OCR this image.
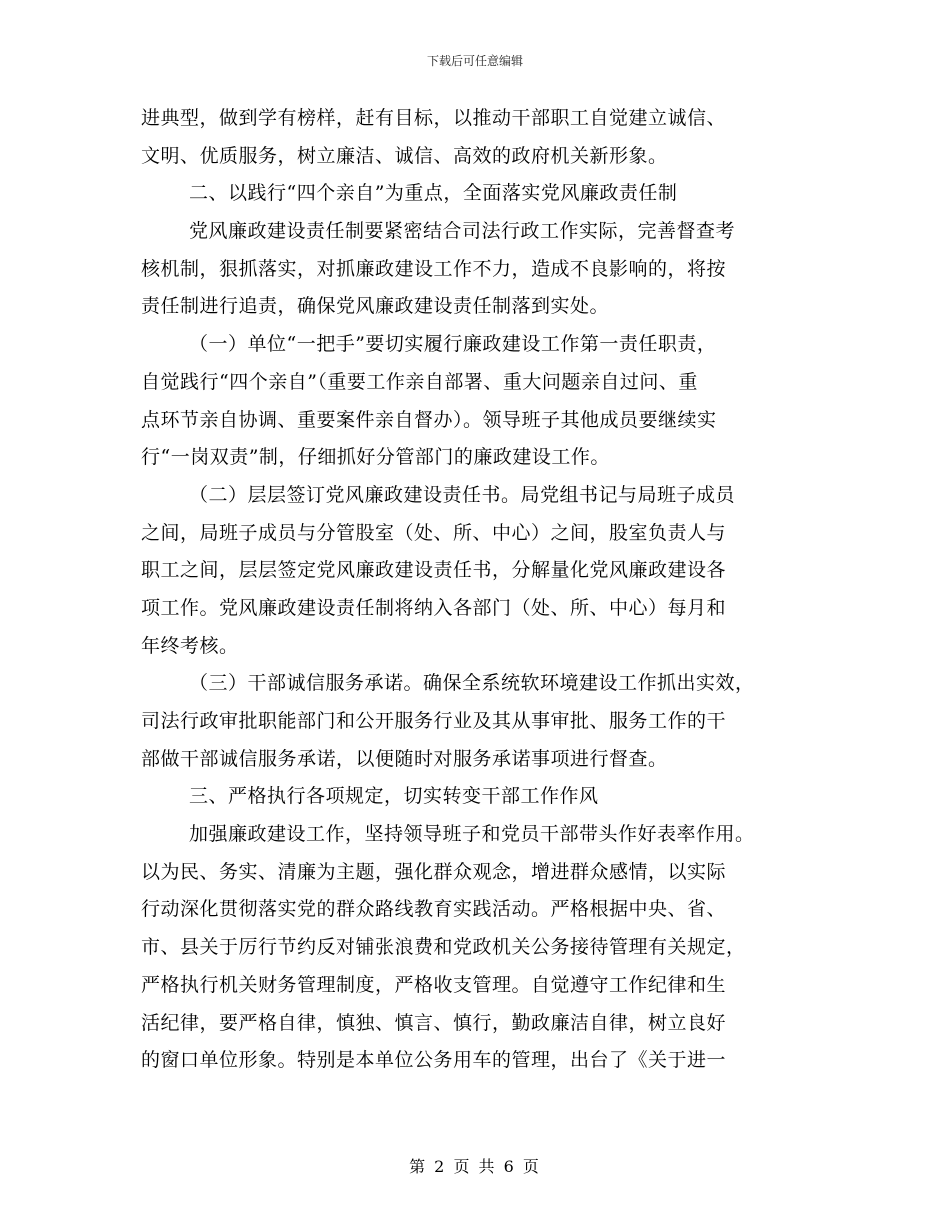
下载后可任意编辑
进典型，做到学有榜样，赶有目标，以推动干部职工自觉建立诚信、
文明、优质服务，树立廉洁、诚信、高效的政府机关新形象。
二、以践行“四个亲自”为重点，全面落实党风廉政责任制
党风廉政建设责任制要紧密结合司法行政工作实际，完善督查考
核机制，狠抓落实，对抓廉政建设工作不力，造成不良影响的，将按
责任制进行追责，确保党风廉政建设责任制落到实处。
（一）单位“一把手”要切实履行廉政建设工作第一责任职责，
自觉践行“四个亲自”（重要工作亲自部署、重大问题亲自过问、重
点环节亲自协调、重要案件亲自督办）。领导班子其他成员要继续实
行“一岗双责”制，仔细抓好分管部门的廉政建设工作。
（二）层层签订党风廉政建设责任书。局党组书记与局班子成员
之间，局班子成员与分管股室（处、所、中心）之间，股室负责人与
职工之间，层层签定党风廉政建设责任书，分解量化党风廉政建设各
项工作。党风廉政建设责任制将纳入各部门（处、所、中心）每月和
年终考核。
（三）干部诚信服务承诺。确保全系统软环境建设工作抓出实效，
司法行政审批职能部门和公开服务行业及其从事审批、服务工作的干
部做干部诚信服务承诺，以便随时对服务承诺事项进行督查。
三、严格执行各项规定，切实转变干部工作作风
加强廉政建设工作，坚持领导班子和党员干部带头作好表率作用。
以为民、务实、清廉为主题，强化群众观念，增进群众感情，以实际
行动深化贯彻落实党的群众路线教育实践活动。严格根据中央、省、
市、县关于厉行节约反对铺张浪费和党政机关公务接待管理有关规定，
严格执行机关财务管理制度，严格收支管理。自觉遵守工作纪律和生
活纪律，要严格自律，慎独、慎言、慎行，勤政廉洁自律，树立良好
的窗口单位形象。特别是本单位公务用车的管理，出台了《关于进一
第 2 页 共 6 页
